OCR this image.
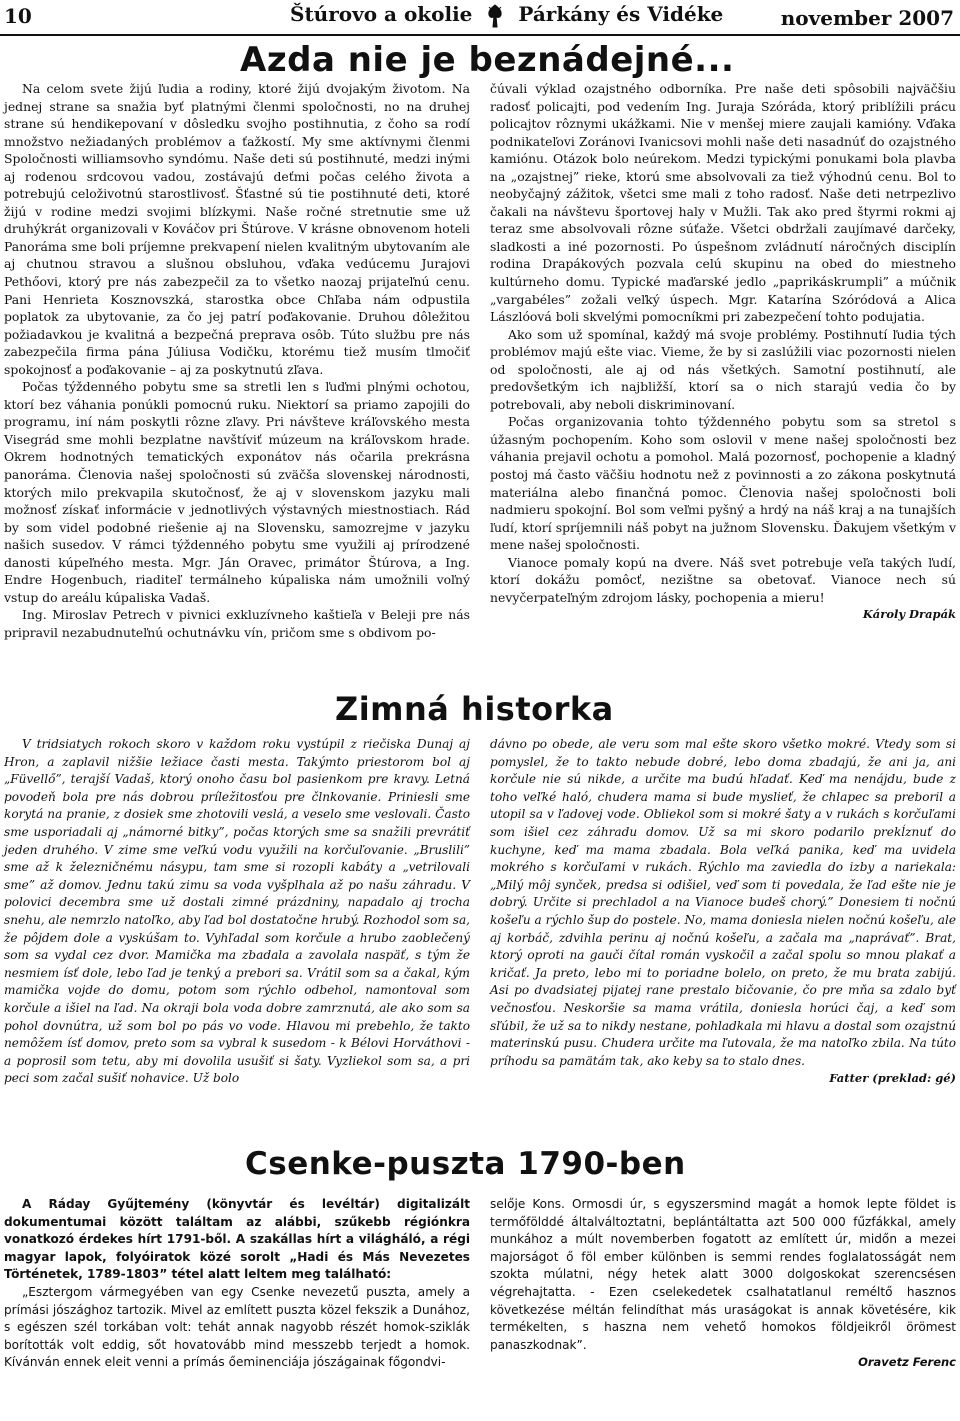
10	Štúrovo a okolie Párkány és Vidéke	november 2007
Azda nie je beznádejné...

Na celom svete žijú ľudia a rodiny, ktoré žijú dvojakým životom. Na jednej strane sa snažia byť platnými členmi spoločnosti, no na druhej strane sú hendikepovaní v dôsledku svojho postihnutia, z čoho sa rodí množstvo nežiadaných problémov a ťažkostí. My sme aktívnymi členmi Spoločnosti williamsovho syndómu. Naše deti sú postihnuté, medzi inými aj rodenou srdcovou vadou, zostávajú deťmi počas celého života a potrebujú celoživotnú starostlivosť. Šťastné sú tie postihnuté deti, ktoré žijú v rodine medzi svojimi blízkymi. Naše ročné stretnutie sme už druhýkrát organizovali v Kováčov pri Štúrove. V krásne obnovenom hoteli Panoráma sme boli príjemne prekvapení nielen kvalitným ubytovaním ale aj chutnou stravou a slušnou obsluhou, vďaka vedúcemu Jurajovi Pethőovi, ktorý pre nás zabezpečil za to všetko naozaj prijateľnú cenu. Pani Henrieta Kosznovszká, starostka obce Chľaba nám odpustila poplatok za ubytovanie, za čo jej patrí poďakovanie. Druhou dôležitou požiadavkou je kvalitná a bezpečná preprava osôb. Túto službu pre nás zabezpečila firma pána Júliusa Vodičku, ktorému tiež musím tlmočiť spokojnosť a poďakovanie – aj za poskytnutú zľava.

Počas týždenného pobytu sme sa stretli len s ľuďmi plnými ochotou, ktorí bez váhania ponúkli pomocnú ruku. Niektorí sa priamo zapojili do programu, iní nám poskytli rôzne zľavy. Pri návšteve kráľovského mesta Visegrád sme mohli bezplatne navštíviť múzeum na kráľovskom hrade. Okrem hodnotných tematických exponátov nás očarila prekrásna panoráma. Členovia našej spoločnosti sú zväčša slovenskej národnosti, ktorých milo prekvapila skutočnosť, že aj v slovenskom jazyku mali možnosť získať informácie v jednotlivých výstavných miestnostiach. Rád by som videl podobné riešenie aj na Slovensku, samozrejme v jazyku našich susedov. V rámci týždenného pobytu sme využili aj prírodzené danosti kúpeľného mesta. Mgr. Ján Oravec, primátor Štúrova, a Ing. Endre Hogenbuch, riaditeľ termálneho kúpaliska nám umožnili voľný vstup do areálu kúpaliska Vadaš.

Ing. Miroslav Petrech v pivnici exkluzívneho kaštieľa v Beleji pre nás pripravil nezabudnuteľnú ochutnávku vín, pričom sme s obdivom po-

čúvali výklad ozajstného odborníka. Pre naše deti spôsobili najväčšiu radosť policajti, pod vedením Ing. Juraja Szóráda, ktorý priblížili prácu policajtov rôznymi ukážkami. Nie v menšej miere zaujali kamióny. Vďaka podnikateľovi Zoránovi Ivanicsovi mohli naše deti nasadnúť do ozajstného kamiónu. Otázok bolo neúrekom. Medzi typickými ponukami bola plavba na „ozajstnej” rieke, ktorú sme absolvovali za tiež výhodnú cenu. Bol to neobyčajný zážitok, všetci sme mali z toho radosť. Naše deti netrpezlivo čakali na návštevu športovej haly v Mužli. Tak ako pred štyrmi rokmi aj teraz sme absolvovali rôzne súťaže. Všetci obdržali zaujímavé darčeky, sladkosti a iné pozornosti. Po úspešnom zvládnutí náročných disciplín rodina Drapákových pozvala celú skupinu na obed do miestneho kultúrneho domu. Typické maďarské jedlo „paprikáskrumpli” a múčnik „vargabéles” zožali veľký úspech. Mgr. Katarína Szóródová a Alica Lászlóová boli skvelými pomocníkmi pri zabezpečení tohto podujatia.

Ako som už spomínal, každý má svoje problémy. Postihnutí ľudia tých problémov majú ešte viac. Vieme, že by si zaslúžili viac pozornosti nielen od spoločnosti, ale aj od nás všetkých. Samotní postihnutí, ale predovšetkým ich najbližší, ktorí sa o nich starajú vedia čo by potrebovali, aby neboli diskriminovaní.

Počas organizovania tohto týždenného pobytu som sa stretol s úžasným pochopením. Koho som oslovil v mene našej spoločnosti bez váhania prejavil ochotu a pomohol. Malá pozornosť, pochopenie a kladný postoj má často väčšiu hodnotu než z povinnosti a zo zákona poskytnutá materiálna alebo finančná pomoc. Členovia našej spoločnosti boli nadmieru spokojní. Bol som veľmi pyšný a hrdý na náš kraj a na tunajších ľudí, ktorí spríjemnili náš pobyt na južnom Slovensku. Ďakujem všetkým v mene našej spoločnosti.

Vianoce pomaly kopú na dvere. Náš svet potrebuje veľa takých ľudí, ktorí dokážu pomôcť, nezištne sa obetovať. Vianoce nech sú nevyčerpateľným zdrojom lásky, pochopenia a mieru!

Károly Drapák

Zimná historka

V tridsiatych rokoch skoro v každom roku vystúpil z riečiska Dunaj aj Hron, a zaplavil nižšie ležiace časti mesta. Takýmto priestorom bol aj „Füvellő”, terajší Vadaš, ktorý onoho času bol pasienkom pre kravy. Letná povodeň bola pre nás dobrou príležitosťou pre člnkovanie. Priniesli sme korytá na pranie, z dosiek sme zhotovili veslá, a veselo sme veslovali. Často sme usporiadali aj „námorné bitky”, počas ktorých sme sa snažili prevrátiť jeden druhého. V zime sme veľkú vodu využili na korčuľovanie. „Bruslili” sme až k železničnému násypu, tam sme si rozopli kabáty a „vetrilovali sme” až domov. Jednu takú zimu sa voda vyšplhala až po našu záhradu. V polovici decembra sme už dostali zimné prázdniny, napadalo aj trocha snehu, ale nemrzlo natoľko, aby ľad bol dostatočne hrubý. Rozhodol som sa, že pôjdem dole a vyskúšam to. Vyhľadal som korčule a hrubo zaoblečený som sa vydal cez dvor. Mamička ma zbadala a zavolala naspäť, s tým že nesmiem ísť dole, lebo ľad je tenký a prebori sa. Vrátil som sa a čakal, kým mamička vojde do domu, potom som rýchlo odbehol, namontoval som korčule a išiel na ľad. Na okraji bola voda dobre zamrznutá, ale ako som sa pohol dovnútra, už som bol po pás vo vode. Hlavou mi prebehlo, že takto nemôžem ísť domov, preto som sa vybral k susedom - k Bélovi Horváthovi - a poprosil som tetu, aby mi dovolila usušiť si šaty. Vyzliekol som sa, a pri peci som začal sušiť nohavice. Už bolo

dávno po obede, ale veru som mal ešte skoro všetko mokré. Vtedy som si pomyslel, že to takto nebude dobré, lebo doma zbadajú, že ani ja, ani korčule nie sú nikde, a určite ma budú hľadať. Keď ma nenájdu, bude z toho veľké haló, chudera mama si bude myslieť, že chlapec sa preboril a utopil sa v ľadovej vode. Obliekol som si mokré šaty a v rukách s korčuľami som išiel cez záhradu domov. Už sa mi skoro podarilo prekĺznuť do kuchyne, keď ma mama zbadala. Bola veľká panika, keď ma uvidela mokrého s korčuľami v rukách. Rýchlo ma zaviedla do izby a nariekala: „Milý môj synček, predsa si odišiel, veď som ti povedala, že ľad ešte nie je dobrý. Určite si prechladol a na Vianoce budeš chorý.” Donesiem ti nočnú košeľu a rýchlo šup do postele. No, mama doniesla nielen nočnú košeľu, ale aj korbáč, zdvihla perinu aj nočnú košeľu, a začala ma „naprávať”. Brat, ktorý oproti na gauči čítal román vyskočil a začal spolu so mnou plakať a kričať. Ja preto, lebo mi to poriadne bolelo, on preto, že mu brata zabijú. Asi po dvadsiatej pijatej rane prestalo bičovanie, čo pre mňa sa zdalo byť večnosťou. Neskoršie sa mama vrátila, doniesla horúci čaj, a keď som sľúbil, že už sa to nikdy nestane, pohladkala mi hlavu a dostal som ozajstnú materinskú pusu. Chudera určite ma ľutovala, že ma natoľko zbila. Na túto príhodu sa pamätám tak, ako keby sa to stalo dnes.

Fatter (preklad: gé)

Csenke-puszta 1790-ben

A Ráday Gyűjtemény (könyvtár és levéltár) digitalizált dokumentumai között találtam az alábbi, szűkebb régiónkra vonatkozó érdekes hírt 1791-ből. A szakállas hírt a világháló, a régi magyar lapok, folyóiratok közé sorolt „Hadi és Más Nevezetes Történetek, 1789-1803” tétel alatt leltem meg található:

„Esztergom vármegyében van egy Csenke nevezetű puszta, amely a prímási jószághoz tartozik. Mivel az említett puszta közel fekszik a Dunához, s egészen szél torkában volt: tehát annak nagyobb részét homok-sziklák borították volt eddig, sőt hovatovább mind messzebb terjedt a homok. Kívánván ennek eleit venni a prímás őeminenciája jószágainak főgondvi-

selője Kons. Ormosdi úr, s egyszersmind magát a homok lepte földet is termőfölddé általváltoztatni, beplántáltatta azt 500 000 fűzfákkal, amely munkához a múlt novemberben fogatott az említett úr, midőn a mezei majorságot ő föl ember különben is semmi rendes foglalatosságát nem szokta múlatni, négy hetek alatt 3000 dolgoskokat szerencsésen végrehajtatta. - Ezen cselekedetek csalhatatlanul reméltő hasznos következése méltán felindíthat más uraságokat is annak követésére, kik termékelten, s haszna nem vehető homokos földjeikről örömest panaszkodnak”.

Oravetz Ferenc
